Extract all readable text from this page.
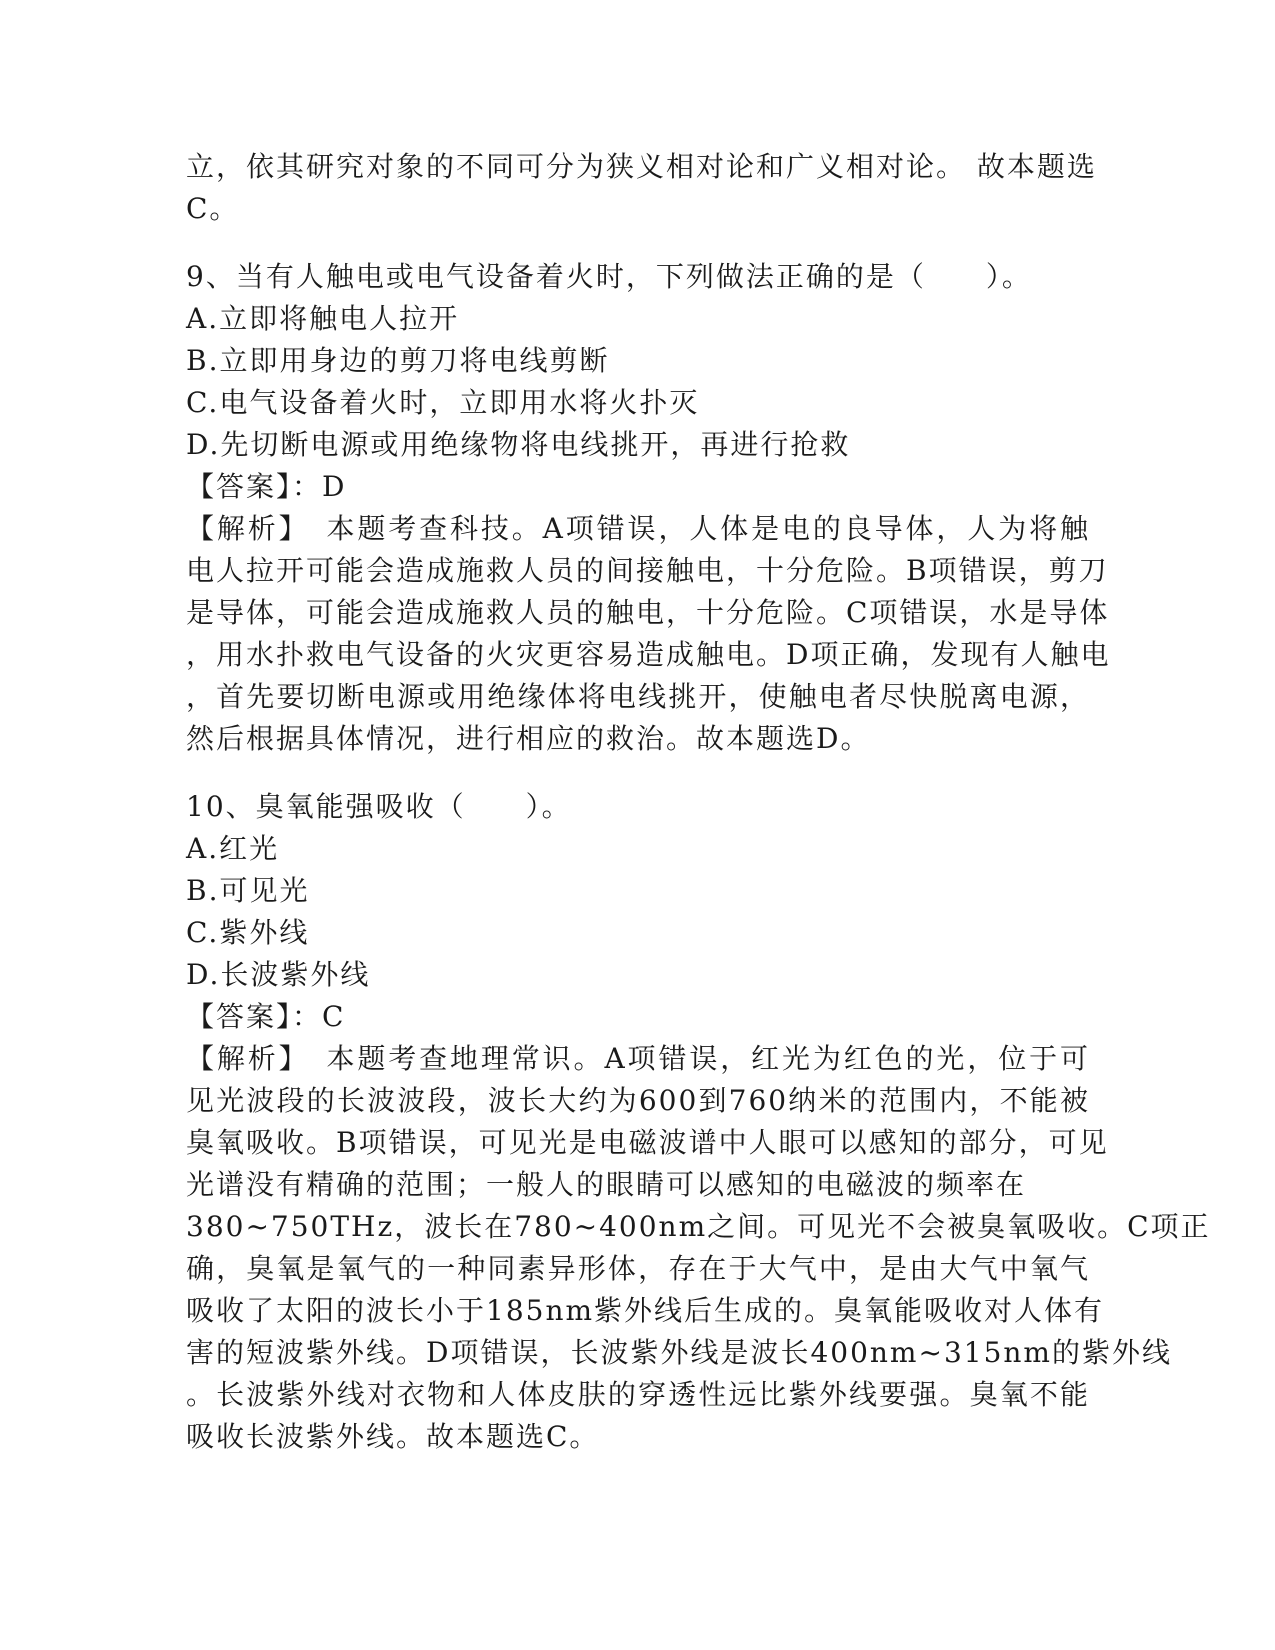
立，依其研究对象的不同可分为狭义相对论和广义相对论。 故本题选
C。
9、当有人触电或电气设备着火时，下列做法正确的是（　　）。
A.立即将触电人拉开
B.立即用身边的剪刀将电线剪断
C.电气设备着火时，立即用水将火扑灭
D.先切断电源或用绝缘物将电线挑开，再进行抢救
【答案】：D
【解析】　本题考查科技。A项错误，人体是电的良导体，人为将触
电人拉开可能会造成施救人员的间接触电，十分危险。B项错误，剪刀
是导体，可能会造成施救人员的触电，十分危险。C项错误，水是导体
，用水扑救电气设备的火灾更容易造成触电。D项正确，发现有人触电
，首先要切断电源或用绝缘体将电线挑开，使触电者尽快脱离电源，
然后根据具体情况，进行相应的救治。故本题选D。
10、臭氧能强吸收（　　）。
A.红光
B.可见光
C.紫外线
D.长波紫外线
【答案】：C
【解析】　本题考查地理常识。A项错误，红光为红色的光，位于可
见光波段的长波波段，波长大约为600到760纳米的范围内，不能被
臭氧吸收。B项错误，可见光是电磁波谱中人眼可以感知的部分，可见
光谱没有精确的范围；一般人的眼睛可以感知的电磁波的频率在
380~750THz，波长在780~400nm之间。可见光不会被臭氧吸收。C项正
确，臭氧是氧气的一种同素异形体，存在于大气中，是由大气中氧气
吸收了太阳的波长小于185nm紫外线后生成的。臭氧能吸收对人体有
害的短波紫外线。D项错误，长波紫外线是波长400nm~315nm的紫外线
。长波紫外线对衣物和人体皮肤的穿透性远比紫外线要强。臭氧不能
吸收长波紫外线。故本题选C。
